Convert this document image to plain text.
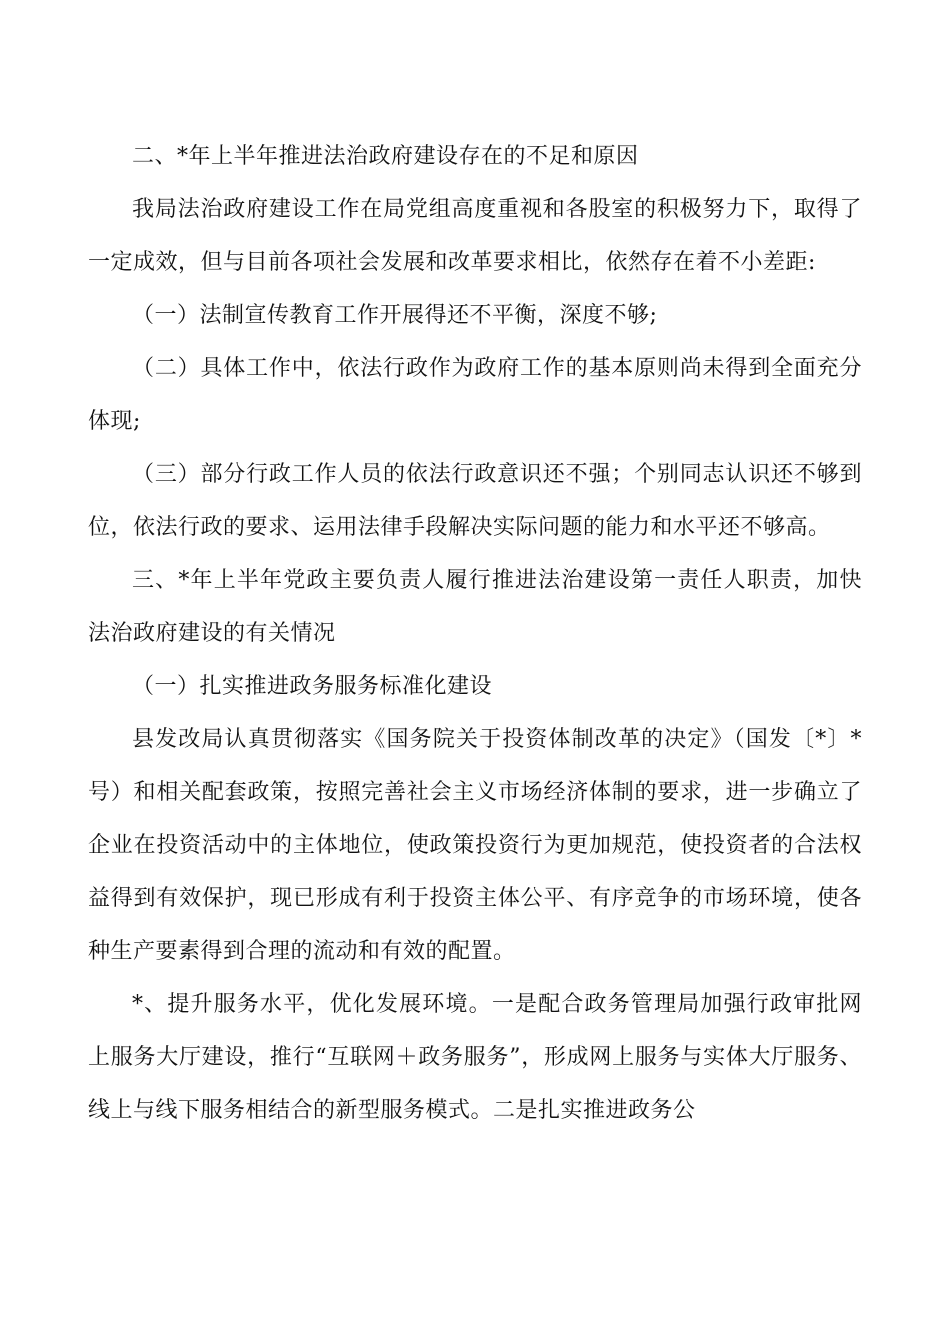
二、*年上半年推进法治政府建设存在的不足和原因

我局法治政府建设工作在局党组高度重视和各股室的积极努力下，取得了一定成效，但与目前各项社会发展和改革要求相比，依然存在着不小差距:

（一）法制宣传教育工作开展得还不平衡，深度不够;

（二）具体工作中，依法行政作为政府工作的基本原则尚未得到全面充分体现;

（三）部分行政工作人员的依法行政意识还不强；个别同志认识还不够到位，依法行政的要求、运用法律手段解决实际问题的能力和水平还不够高。

三、*年上半年党政主要负责人履行推进法治建设第一责任人职责，加快法治政府建设的有关情况

（一）扎实推进政务服务标准化建设

县发改局认真贯彻落实《国务院关于投资体制改革的决定》（国发〔*〕*号）和相关配套政策，按照完善社会主义市场经济体制的要求，进一步确立了企业在投资活动中的主体地位，使政策投资行为更加规范，使投资者的合法权益得到有效保护，现已形成有利于投资主体公平、有序竞争的市场环境，使各种生产要素得到合理的流动和有效的配置。

*、提升服务水平，优化发展环境。一是配合政务管理局加强行政审批网上服务大厅建设，推行“互联网＋政务服务”，形成网上服务与实体大厅服务、线上与线下服务相结合的新型服务模式。二是扎实推进政务公
